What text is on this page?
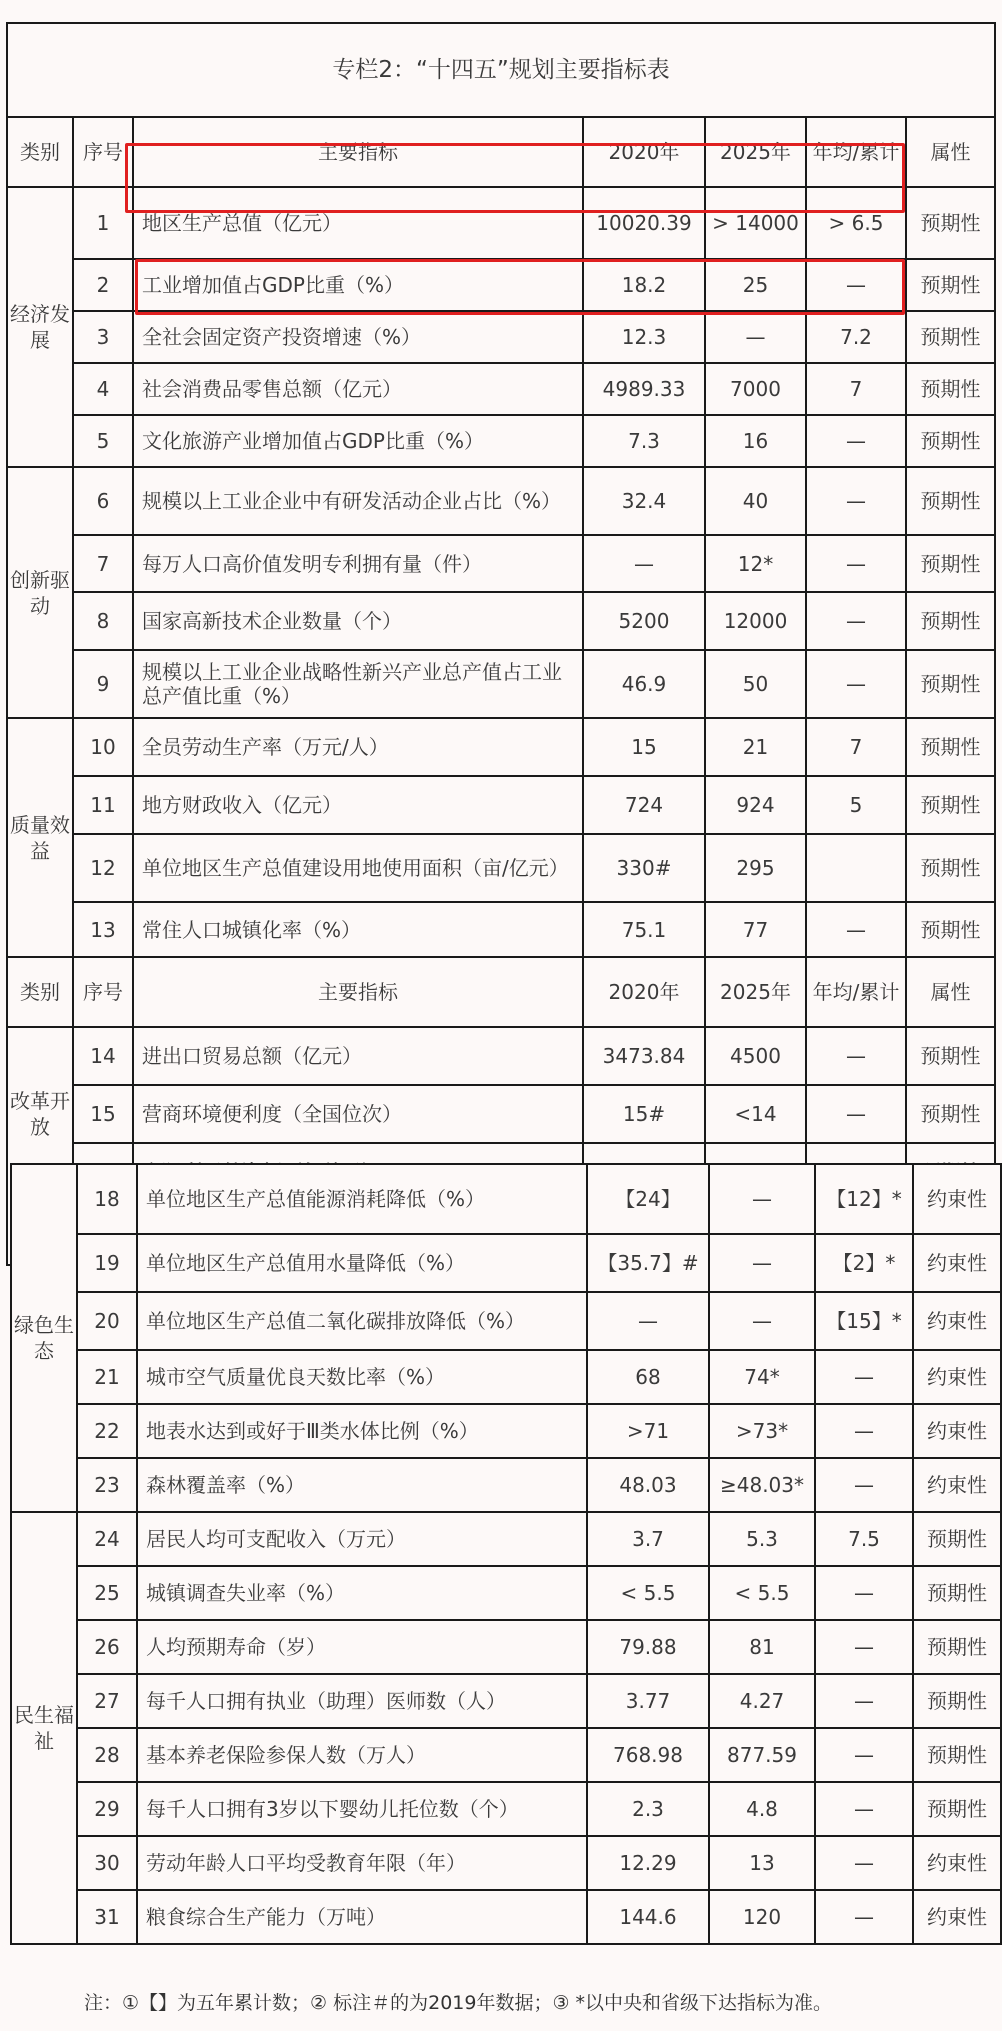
专栏2：“十四五”规划主要指标表						
类别	序号	主要指标	2020年	2025年	年均/累计	属性
经济发展	1	地区生产总值（亿元）	10020.39	> 14000	> 6.5	预期性
	2	工业增加值占GDP比重（%）	18.2	25	—	预期性
	3	全社会固定资产投资增速（%）	12.3	—	7.2	预期性
	4	社会消费品零售总额（亿元）	4989.33	7000	7	预期性
	5	文化旅游产业增加值占GDP比重（%）	7.3	16	—	预期性
创新驱动	6	规模以上工业企业中有研发活动企业占比（%）	32.4	40	—	预期性
	7	每万人口高价值发明专利拥有量（件）	—	12*	—	预期性
	8	国家高新技术企业数量（个）	5200	12000	—	预期性
	9	规模以上工业企业战略性新兴产业总产值占工业总产值比重（%）	46.9	50	—	预期性
质量效益	10	全员劳动生产率（万元/人）	15	21	7	预期性
	11	地方财政收入（亿元）	724	924	5	预期性
	12	单位地区生产总值建设用地使用面积（亩/亿元）	330#	295		预期性
	13	常住人口城镇化率（%）	75.1	77	—	预期性
类别	序号	主要指标	2020年	2025年	年均/累计	属性
改革开放	14	进出口贸易总额（亿元）	3473.84	4500	—	预期性
	15	营商环境便利度（全国位次）	15#	<14	—	预期性

绿色生态	18	单位地区生产总值能源消耗降低（%）	【24】	—	【12】*	约束性
	19	单位地区生产总值用水量降低（%）	【35.7】#	—	【2】*	约束性
	20	单位地区生产总值二氧化碳排放降低（%）	—	—	【15】*	约束性
	21	城市空气质量优良天数比率（%）	68	74*	—	约束性
	22	地表水达到或好于Ⅲ类水体比例（%）	>71	>73*	—	约束性
	23	森林覆盖率（%）	48.03	≥48.03*	—	约束性
民生福祉	24	居民人均可支配收入（万元）	3.7	5.3	7.5	预期性
	25	城镇调查失业率（%）	< 5.5	< 5.5	—	预期性
	26	人均预期寿命（岁）	79.88	81	—	预期性
	27	每千人口拥有执业（助理）医师数（人）	3.77	4.27	—	预期性
	28	基本养老保险参保人数（万人）	768.98	877.59	—	预期性
	29	每千人口拥有3岁以下婴幼儿托位数（个）	2.3	4.8	—	预期性
	30	劳动年龄人口平均受教育年限（年）	12.29	13	—	约束性
	31	粮食综合生产能力（万吨）	144.6	120	—	约束性
注：①【】为五年累计数；② 标注＃的为2019年数据；③ *以中央和省级下达指标为准。
